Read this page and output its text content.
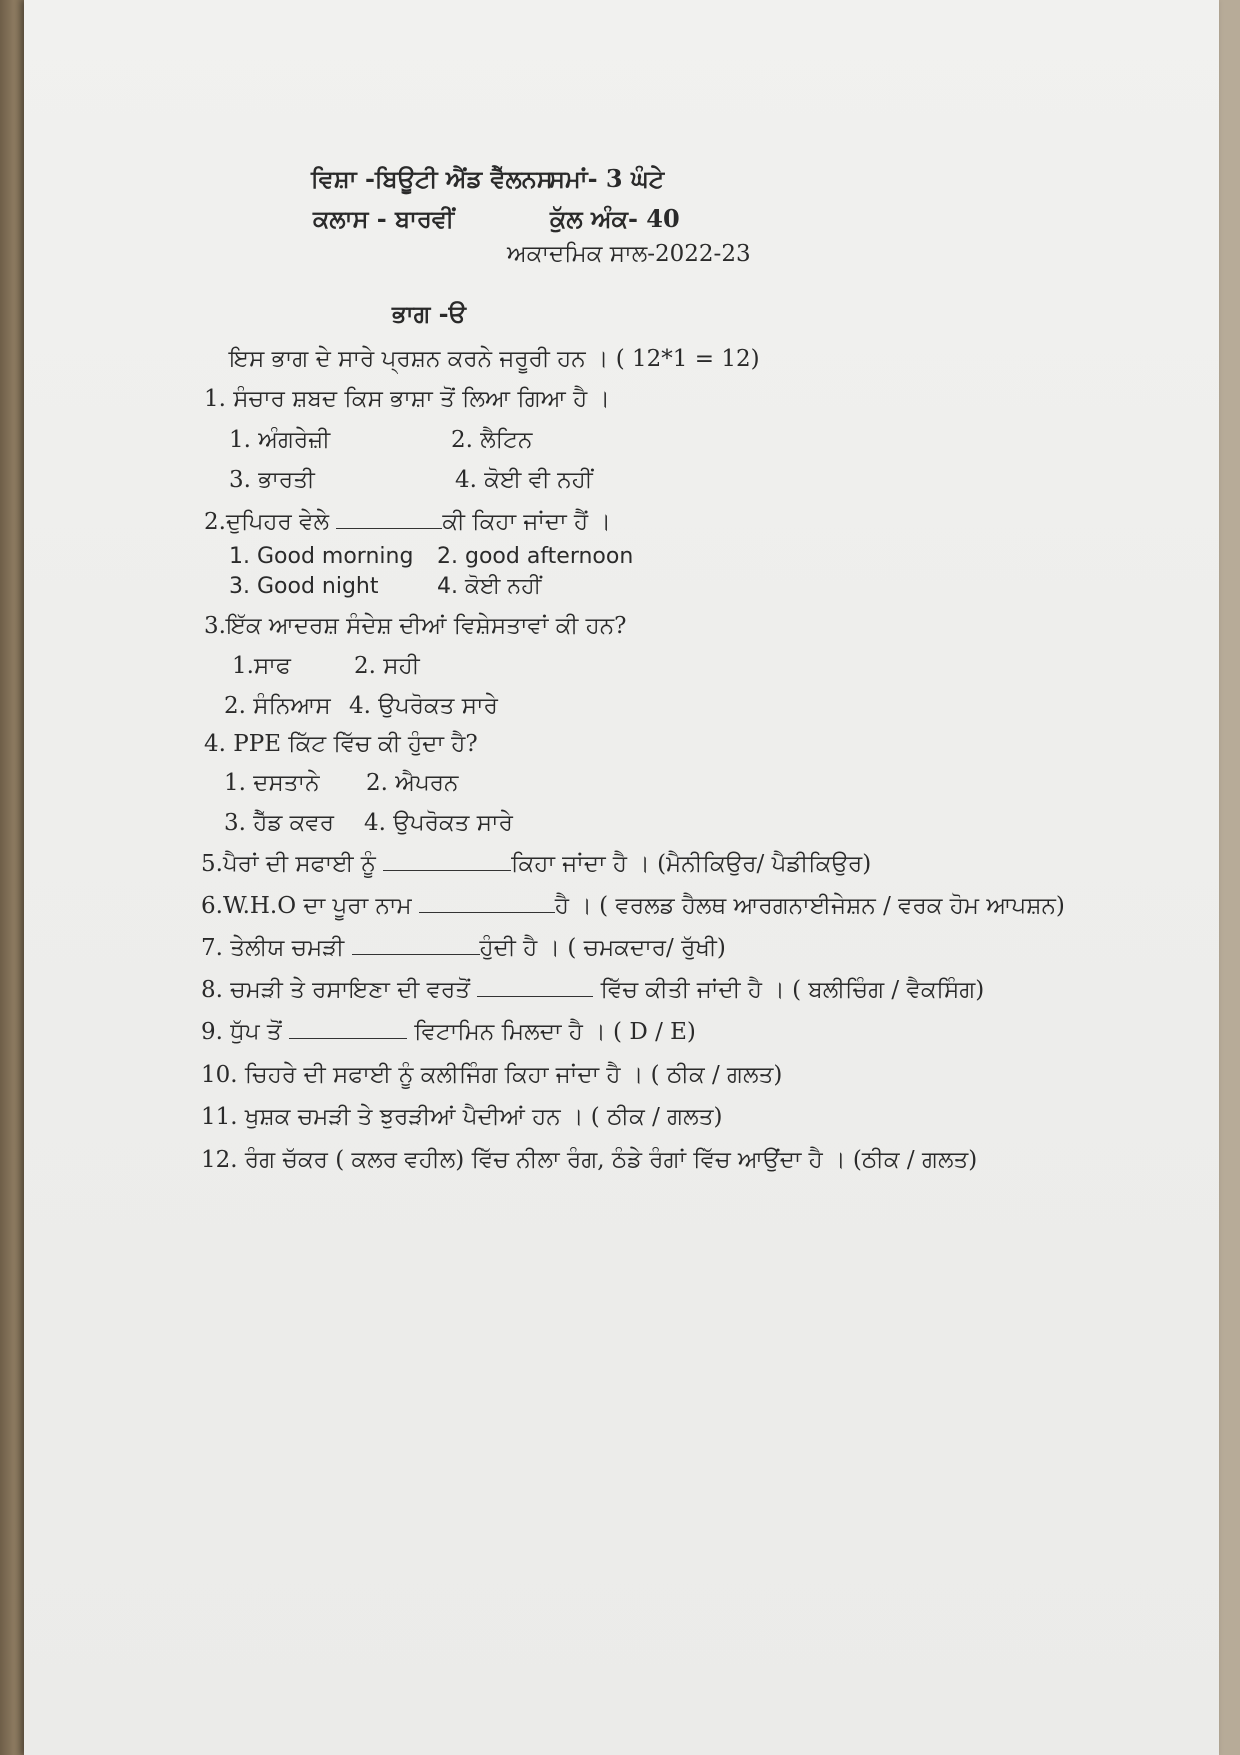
ਵਿਸ਼ਾ -ਬਿਊਟੀ ਐਂਡ ਵੈੱਲਨਸ
ਸਮਾਂ- 3 ਘੰਟੇ
ਕਲਾਸ - ਬਾਰਵੀਂ	ਕੁੱਲ ਅੰਕ- 40
ਅਕਾਦਮਿਕ ਸਾਲ-2022-23
ਭਾਗ -ੳ
ਇਸ ਭਾਗ ਦੇ ਸਾਰੇ ਪ੍ਰਸ਼ਨ ਕਰਨੇ ਜਰੂਰੀ ਹਨ । ( 12*1 = 12)
1. ਸੰਚਾਰ ਸ਼ਬਦ ਕਿਸ ਭਾਸ਼ਾ ਤੋਂ ਲਿਆ ਗਿਆ ਹੈ ।
1. ਅੰਗਰੇਜ਼ੀ	2. ਲੈਟਿਨ
3. ਭਾਰਤੀ	4. ਕੋਈ ਵੀ ਨਹੀਂ
2.ਦੁਪਿਹਰ ਵੇਲੇ	ਕੀ ਕਿਹਾ ਜਾਂਦਾ ਹੈਂ ।
1. Good morning 2. good afternoon
3. Good night	4. ਕੋਈ ਨਹੀਂ
3.ਇੱਕ ਆਦਰਸ਼ ਸੰਦੇਸ਼ ਦੀਆਂ ਵਿਸ਼ੇਸਤਾਵਾਂ ਕੀ ਹਨ?
1.ਸਾਫ	2. ਸਹੀ
2. ਸੰਨਿਆਸ 4. ਉਪਰੋਕਤ ਸਾਰੇ
4. PPE ਕਿੱਟ ਵਿੱਚ ਕੀ ਹੁੰਦਾ ਹੈ?
1. ਦਸਤਾਨੇ 2. ਐਪਰਨ
3. ਹੈੱਡ ਕਵਰ 4. ਉਪਰੋਕਤ ਸਾਰੇ
5.ਪੈਰਾਂ ਦੀ ਸਫਾਈ ਨੂੰ	ਕਿਹਾ ਜਾਂਦਾ ਹੈ । (ਮੈਨੀਕਿਉਰ/ ਪੈਡੀਕਿਉਰ)
6.W.H.O ਦਾ ਪੂਰਾ ਨਾਮ	ਹੈ । ( ਵਰਲਡ ਹੈਲਥ ਆਰਗਨਾਈਜੇਸ਼ਨ / ਵਰਕ ਹੋਮ ਆਪਸ਼ਨ)
7. ਤੇਲੀਯ ਚਮੜੀ	ਹੁੰਦੀ ਹੈ । ( ਚਮਕਦਾਰ/ ਰੁੱਖੀ)
8. ਚਮੜੀ ਤੇ ਰਸਾਇਣਾ ਦੀ ਵਰਤੋਂ	ਵਿੱਚ ਕੀਤੀ ਜਾਂਦੀ ਹੈ । ( ਬਲੀਚਿੰਗ / ਵੈਕਸਿੰਗ)
9. ਧੁੱਪ ਤੋਂ	ਵਿਟਾਮਿਨ ਮਿਲਦਾ ਹੈ । ( D / E)
10. ਚਿਹਰੇ ਦੀ ਸਫਾਈ ਨੂੰ ਕਲੀਜਿੰਗ ਕਿਹਾ ਜਾਂਦਾ ਹੈ । ( ਠੀਕ / ਗਲਤ)
11. ਖੁਸ਼ਕ ਚਮੜੀ ਤੇ ਝੁਰੜੀਆਂ ਪੈਦੀਆਂ ਹਨ । ( ਠੀਕ / ਗਲਤ)
12. ਰੰਗ ਚੱਕਰ ( ਕਲਰ ਵਹੀਲ) ਵਿੱਚ ਨੀਲਾ ਰੰਗ, ਠੰਡੇ ਰੰਗਾਂ ਵਿੱਚ ਆਉਂਦਾ ਹੈ । (ਠੀਕ / ਗਲਤ)
